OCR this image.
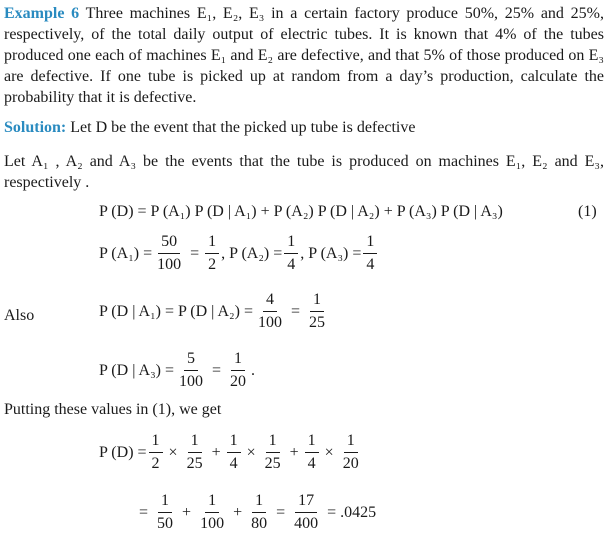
Example 6 Three machines E₁, E₂, E₃ in a certain factory produce 50%, 25% and 25%, respectively, of the total daily output of electric tubes. It is known that 4% of the tubes produced one each of machines E₁ and E₂ are defective, and that 5% of those produced on E₃ are defective. If one tube is picked up at random from a day’s production, calculate the probability that it is defective.
Solution: Let D be the event that the picked up tube is defective
Let A₁ , A₂ and A₃ be the events that the tube is produced on machines E₁, E₂ and E₃, respectively .
P (D) = P (A₁) P (D | A₁) + P (A₂) P (D | A₂) + P (A₃) P (D | A₃)	(1)
P $(A_1) = \frac{50}{100} = \frac{1}{2}$ , P $(A_2) = \frac{1}{4}$ , P $(A_3) = \frac{1}{4}$
Also	P (D | A₁) = P (D | $A_2) = \frac{4}{100} = \frac{1}{25}$
P (D | $A_3) = \frac{5}{100} = \frac{1}{20}$ .
Putting these values in (1), we get
P $(D) = \frac{1}{2} \times \frac{1}{25} + \frac{1}{4} \times \frac{1}{25} + \frac{1}{4} \times \frac{1}{20}$
= $\frac{1}{50} + \frac{1}{100} + \frac{1}{80} = \frac{17}{400} = .0425$
